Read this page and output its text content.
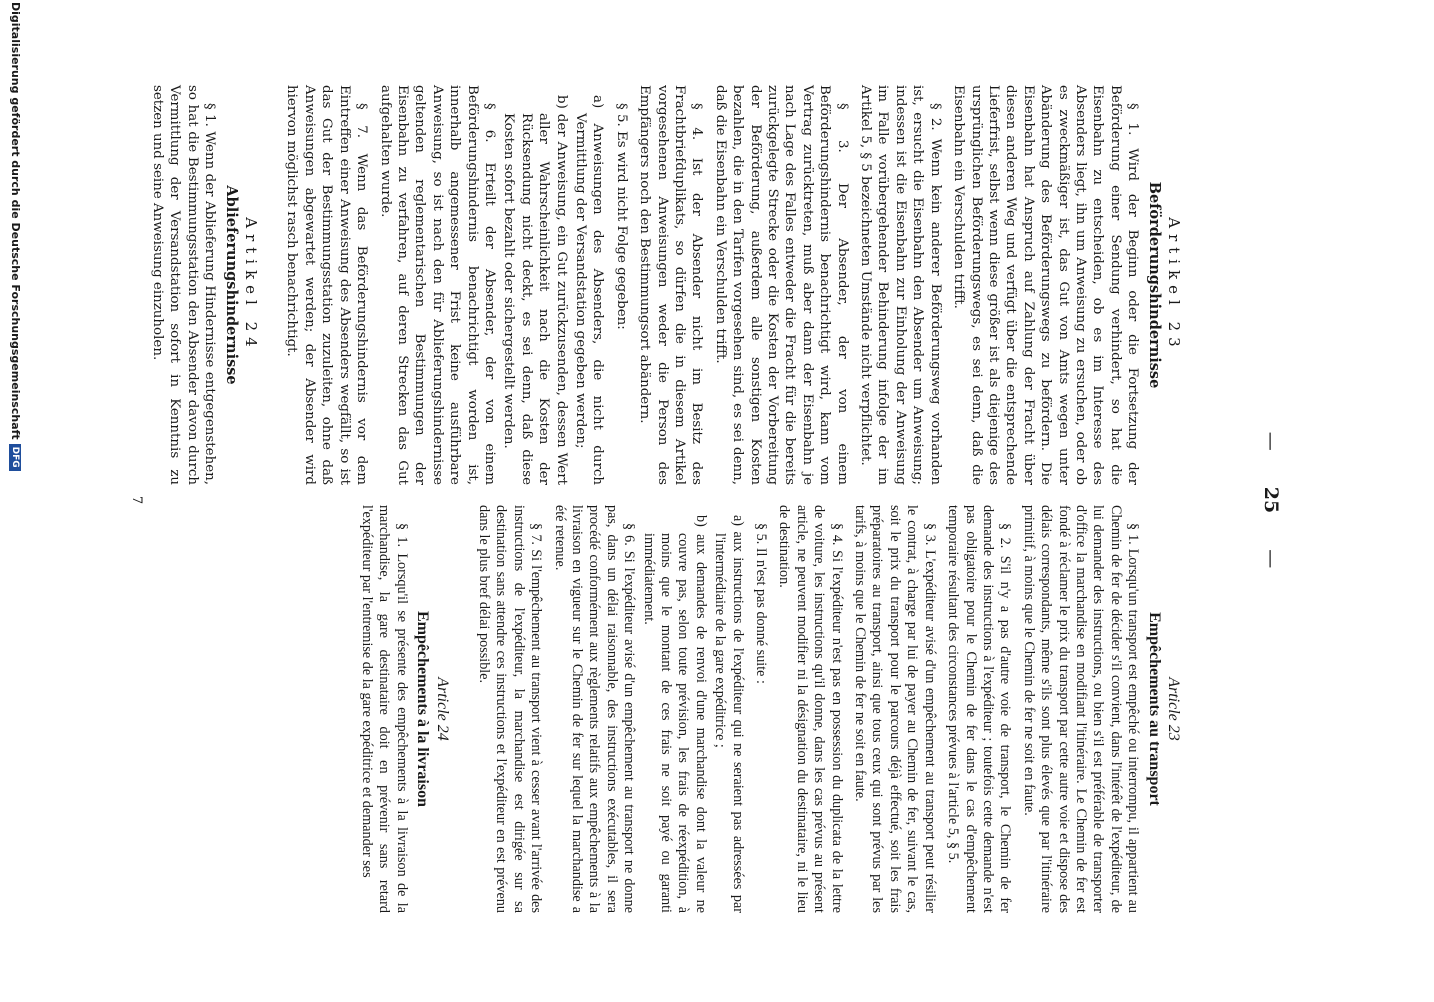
—
25
—
Artikel 23
Beförderungshindernisse

§ 1. Wird der Beginn oder die Fortsetzung der Beförderung einer Sendung verhindert, so hat die Eisenbahn zu entscheiden, ob es im Interesse des Absenders liegt, ihn um Anweisung zu ersuchen, oder ob es zweckmäßiger ist, das Gut von Amts wegen unter Abänderung des Beförderungswegs zu befördern. Die Eisenbahn hat Anspruch auf Zahlung der Fracht über diesen anderen Weg und verfügt über die entsprechende Lieferfrist, selbst wenn diese größer ist als diejenige des ursprünglichen Beförderungswegs, es sei denn, daß die Eisenbahn ein Verschulden trifft.

§ 2. Wenn kein anderer Beförderungsweg vorhanden ist, ersucht die Eisenbahn den Absender um Anweisung; indessen ist die Eisenbahn zur Einholung der Anweisung im Falle vorübergehender Behinderung infolge der im Artikel 5, § 5 bezeichneten Umstände nicht verpflichtet.

§ 3. Der Absender, der von einem Beförderungshindernis benachrichtigt wird, kann vom Vertrag zurücktreten, muß aber dann der Eisenbahn je nach Lage des Falles entweder die Fracht für die bereits zurückgelegte Strecke oder die Kosten der Vorbereitung der Beförderung, außerdem alle sonstigen Kosten bezahlen, die in den Tarifen vorgesehen sind, es sei denn, daß die Eisenbahn ein Verschulden trifft.

§ 4. Ist der Absender nicht im Besitz des Frachtbriefduplikats, so dürfen die in diesem Artikel vorgesehenen Anweisungen weder die Person des Empfängers noch den Bestimmungsort abändern.

§ 5. Es wird nicht Folge gegeben:

a) Anweisungen des Absenders, die nicht durch Vermittlung der Versandstation gegeben werden;

b) der Anweisung, ein Gut zurückzusenden, dessen Wert aller Wahrscheinlichkeit nach die Kosten der Rücksendung nicht deckt, es sei denn, daß diese Kosten sofort bezahlt oder sichergestellt werden.

§ 6. Erteilt der Absender, der von einem Beförderungshindernis benachrichtigt worden ist, innerhalb angemessener Frist keine ausführbare Anweisung, so ist nach den für Ablieferungshindernisse geltenden reglementarischen Bestimmungen der Eisenbahn zu verfahren, auf deren Strecken das Gut aufgehalten wurde.

§ 7. Wenn das Beförderungshindernis vor dem Eintreffen einer Anweisung des Absenders wegfällt, so ist das Gut der Bestimmungsstation zuzuleiten, ohne daß Anweisungen abgewartet werden; der Absender wird hiervon möglichst rasch benachrichtigt.

Artikel 24
Ablieferungshindernisse

§ 1. Wenn der Ablieferung Hindernisse entgegenstehen, so hat die Bestimmungsstation den Absender davon durch Vermittlung der Versandstation sofort in Kenntnis zu setzen und seine Anweisung einzuholen.

Article 23
Empêchements au transport

§ 1. Lorsqu'un transport est empêché ou interrompu, il appartient au Chemin de fer de décider s'il convient, dans l'intérêt de l'expéditeur, de lui demander des instructions, ou bien s'il est préférable de transporter d'office la marchandise en modifiant l'itinéraire. Le Chemin de fer est fondé à réclamer le prix du transport par cette autre voie et dispose des délais correspondants, même s'ils sont plus élevés que par l'itinéraire primitif, à moins que le Chemin de fer ne soit en faute.

§ 2. S'il n'y a pas d'autre voie de transport, le Chemin de fer demande des instructions à l'expéditeur ; toutefois cette demande n'est pas obligatoire pour le Chemin de fer dans le cas d'empêchement temporaire résultant des circonstances prévues à l'article 5, § 5.

§ 3. L'expéditeur avisé d'un empêchement au transport peut résilier le contrat, à charge par lui de payer au Chemin de fer, suivant le cas, soit le prix du transport pour le parcours déjà effectué, soit les frais préparatoires au transport, ainsi que tous ceux qui sont prévus par les tarifs, à moins que le Chemin de fer ne soit en faute.

§ 4. Si l'expéditeur n'est pas en possession du duplicata de la lettre de voiture, les instructions qu'il donne, dans les cas prévus au présent article, ne peuvent modifier ni la désignation du destinataire, ni le lieu de destination.

§ 5. Il n'est pas donné suite :

a) aux instructions de l'expéditeur qui ne seraient pas adressées par l'intermédiaire de la gare expéditrice ;

b) aux demandes de renvoi d'une marchandise dont la valeur ne couvre pas, selon toute prévision, les frais de réexpédition, à moins que le montant de ces frais ne soit payé ou garanti immédiatement.

§ 6. Si l'expéditeur avisé d'un empêchement au transport ne donne pas, dans un délai raisonnable, des instructions exécutables, il sera procédé conformément aux règlements relatifs aux empêchements à la livraison en vigueur sur le Chemin de fer sur lequel la marchandise a été retenue.

§ 7. Si l'empêchement au transport vient à cesser avant l'arrivée des instructions de l'expéditeur, la marchandise est dirigée sur sa destination sans attendre ces instructions et l'expéditeur en est prévenu dans le plus bref délai possible.

Article 24
Empêchements à la livraison

§ 1. Lorsqu'il se présente des empêchements à la livraison de la marchandise, la gare destinataire doit en prévenir sans retard l'expéditeur par l'entremise de la gare expéditrice et demander ses

7
Digitalisierung gefördert durch die Deutsche Forschungsgemeinschaft
DFG
